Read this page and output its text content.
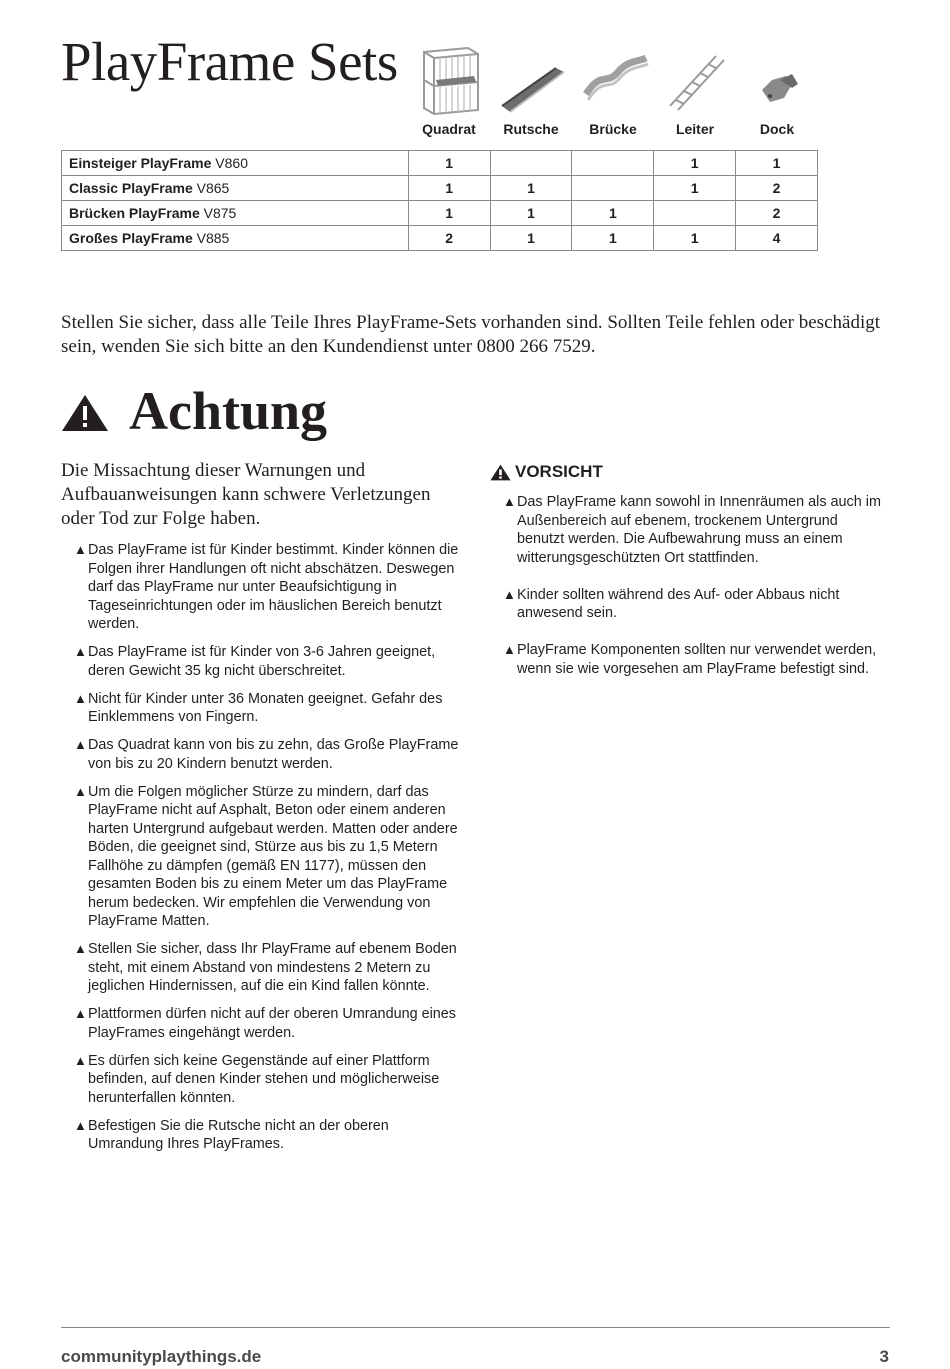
PlayFrame Sets
Quadrat	Rutsche	Brücke	Leiter	Dock
Einsteiger PlayFrame V860	1			1	1
Classic PlayFrame V865	1	1		1	2
Brücken PlayFrame V875	1	1	1		2
Großes PlayFrame V885	2	1	1	1	4

Stellen Sie sicher, dass alle Teile Ihres PlayFrame-Sets vorhanden sind. Sollten Teile fehlen oder beschädigt sein, wenden Sie sich bitte an den Kundendienst unter 0800 266 7529.

Achtung

Die Missachtung dieser Warnungen und Aufbauanweisungen kann schwere Verletzungen oder Tod zur Folge haben.

▲ Das PlayFrame ist für Kinder bestimmt. Kinder können die Folgen ihrer Handlungen oft nicht abschätzen. Deswegen darf das PlayFrame nur unter Beaufsichtigung in Tageseinrichtungen oder im häuslichen Bereich benutzt werden.
▲ Das PlayFrame ist für Kinder von 3-6 Jahren geeignet, deren Gewicht 35 kg nicht überschreitet.
▲ Nicht für Kinder unter 36 Monaten geeignet. Gefahr des Einklemmens von Fingern.
▲ Das Quadrat kann von bis zu zehn, das Große PlayFrame von bis zu 20 Kindern benutzt werden.
▲ Um die Folgen möglicher Stürze zu mindern, darf das PlayFrame nicht auf Asphalt, Beton oder einem anderen harten Untergrund aufgebaut werden. Matten oder andere Böden, die geeignet sind, Stürze aus bis zu 1,5 Metern Fallhöhe zu dämpfen (gemäß EN 1177), müssen den gesamten Boden bis zu einem Meter um das PlayFrame herum bedecken. Wir empfehlen die Verwendung von PlayFrame Matten.
▲ Stellen Sie sicher, dass Ihr PlayFrame auf ebenem Boden steht, mit einem Abstand von mindestens 2 Metern zu jeglichen Hindernissen, auf die ein Kind fallen könnte.
▲ Plattformen dürfen nicht auf der oberen Umrandung eines PlayFrames eingehängt werden.
▲ Es dürfen sich keine Gegenstände auf einer Plattform befinden, auf denen Kinder stehen und möglicherweise herunterfallen könnten.
▲ Befestigen Sie die Rutsche nicht an der oberen Umrandung Ihres PlayFrames.
VORSICHT
▲ Das PlayFrame kann sowohl in Innenräumen als auch im Außenbereich auf ebenem, trockenem Untergrund benutzt werden. Die Aufbewahrung muss an einem witterungsgeschützten Ort stattfinden.
▲ Kinder sollten während des Auf- oder Abbaus nicht anwesend sein.
▲ PlayFrame Komponenten sollten nur verwendet werden, wenn sie wie vorgesehen am PlayFrame befestigt sind.
communityplaythings.de	3
